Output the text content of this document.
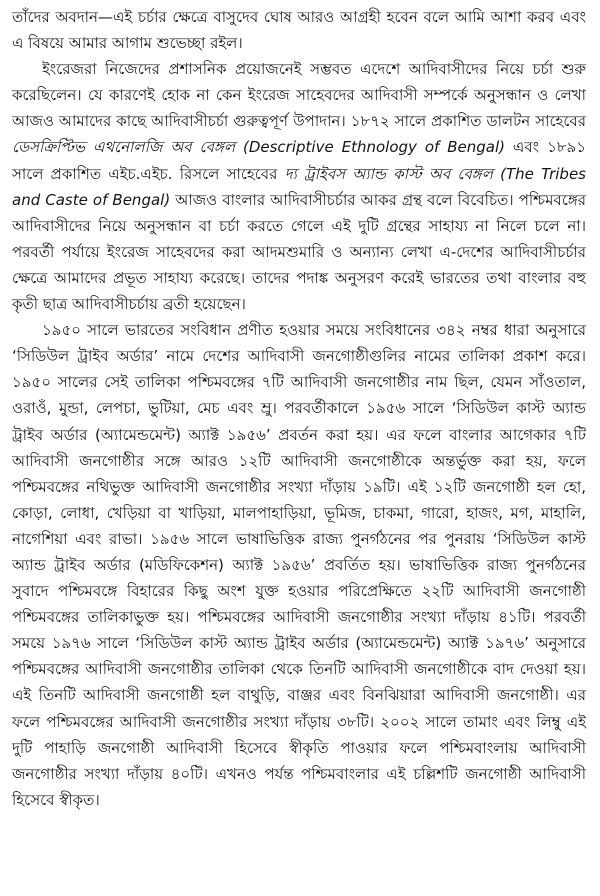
তাঁদের অবদান—এই চর্চার ক্ষেত্রে বাসুদেব ঘোষ আরও আগ্রহী হবেন বলে আমি আশা করব এবং এ বিষয়ে আমার আগাম শুভেচ্ছা রইল।

ইংরেজরা নিজেদের প্রশাসনিক প্রয়োজনেই সম্ভবত এদেশে আদিবাসীদের নিয়ে চর্চা শুরু করেছিলেন। যে কারণেই হোক না কেন ইংরেজ সাহেবদের আদিবাসী সম্পর্কে অনুসন্ধান ও লেখা আজও আমাদের কাছে আদিবাসীচর্চা গুরুত্বপূর্ণ উপাদান। ১৮৭২ সালে প্রকাশিত ডালটন সাহেবের ডেসক্রিপ্টিভ এথনোলজি অব বেঙ্গল (Descriptive Ethnology of Bengal) এবং ১৮৯১ সালে প্রকাশিত এইচ.এইচ. রিসলে সাহেবের দ্য ট্রাইবস অ্যান্ড কাস্ট অব বেঙ্গল (The Tribes and Caste of Bengal) আজও বাংলার আদিবাসীচর্চার আকর গ্রন্থ বলে বিবেচিত। পশ্চিমবঙ্গের আদিবাসীদের নিয়ে অনুসন্ধান বা চর্চা করতে গেলে এই দুটি গ্রন্থের সাহায্য না নিলে চলে না। পরবর্তী পর্যায়ে ইংরেজ সাহেবদের করা আদমশুমারি ও অন্যান্য লেখা এ-দেশের আদিবাসীচর্চার ক্ষেত্রে আমাদের প্রভূত সাহায্য করেছে। তাদের পদাঙ্ক অনুসরণ করেই ভারতের তথা বাংলার বহু কৃতী ছাত্র আদিবাসীচর্চায় ব্রতী হয়েছেন।

১৯৫০ সালে ভারতের সংবিধান প্রণীত হওয়ার সময়ে সংবিধানের ৩৪২ নম্বর ধারা অনুসারে ‘সিডিউল ট্রাইব অর্ডার’ নামে দেশের আদিবাসী জনগোষ্ঠীগুলির নামের তালিকা প্রকাশ করে। ১৯৫০ সালের সেই তালিকা পশ্চিমবঙ্গের ৭টি আদিবাসী জনগোষ্ঠীর নাম ছিল, যেমন সাঁওতাল, ওরাওঁ, মুন্ডা, লেপচা, ভুটিয়া, মেচ এবং ম্রু। পরবর্তীকালে ১৯৫৬ সালে ‘সিডিউল কাস্ট অ্যান্ড ট্রাইব অর্ডার (অ্যামেন্ডমেন্ট) অ্যাক্ট ১৯৫৬’ প্রবর্তন করা হয়। এর ফলে বাংলার আগেকার ৭টি আদিবাসী জনগোষ্ঠীর সঙ্গে আরও ১২টি আদিবাসী জনগোষ্ঠীকে অন্তর্ভুক্ত করা হয়, ফলে পশ্চিমবঙ্গের নথিভুক্ত আদিবাসী জনগোষ্ঠীর সংখ্যা দাঁড়ায় ১৯টি। এই ১২টি জনগোষ্ঠী হল হো, কোড়া, লোধা, খেড়িয়া বা খাড়িয়া, মালপাহাড়িয়া, ভূমিজ, চাকমা, গারো, হাজং, মগ, মাহালি, নাগেশিয়া এবং রাভা। ১৯৫৬ সালে ভাষাভিত্তিক রাজ্য পুনর্গঠনের পর পুনরায় ‘সিডিউল কাস্ট অ্যান্ড ট্রাইব অর্ডার (মডিফিকেশন) অ্যাক্ট ১৯৫৬’ প্রবর্তিত হয়। ভাষাভিত্তিক রাজ্য পুনর্গঠনের সুবাদে পশ্চিমবঙ্গে বিহারের কিছু অংশ যুক্ত হওয়ার পরিপ্রেক্ষিতে ২২টি আদিবাসী জনগোষ্ঠী পশ্চিমবঙ্গের তালিকাভুক্ত হয়। পশ্চিমবঙ্গের আদিবাসী জনগোষ্ঠীর সংখ্যা দাঁড়ায় ৪১টি। পরবর্তী সময়ে ১৯৭৬ সালে ‘সিডিউল কাস্ট অ্যান্ড ট্রাইব অর্ডার (অ্যামেন্ডমেন্ট) অ্যাক্ট ১৯৭৬’ অনুসারে পশ্চিমবঙ্গের আদিবাসী জনগোষ্ঠীর তালিকা থেকে তিনটি আদিবাসী জনগোষ্ঠীকে বাদ দেওয়া হয়। এই তিনটি আদিবাসী জনগোষ্ঠী হল বাথুড়ি, বাঞ্জর এবং বিনঝিয়ারা আদিবাসী জনগোষ্ঠী। এর ফলে পশ্চিমবঙ্গের আদিবাসী জনগোষ্ঠীর সংখ্যা দাঁড়ায় ৩৮টি। ২০০২ সালে তামাং এবং লিম্বু এই দুটি পাহাড়ি জনগোষ্ঠী আদিবাসী হিসেবে স্বীকৃতি পাওয়ার ফলে পশ্চিমবাংলায় আদিবাসী জনগোষ্ঠীর সংখ্যা দাঁড়ায় ৪০টি। এখনও পর্যন্ত পশ্চিমবাংলার এই চল্লিশটি জনগোষ্ঠী আদিবাসী হিসেবে স্বীকৃত।
